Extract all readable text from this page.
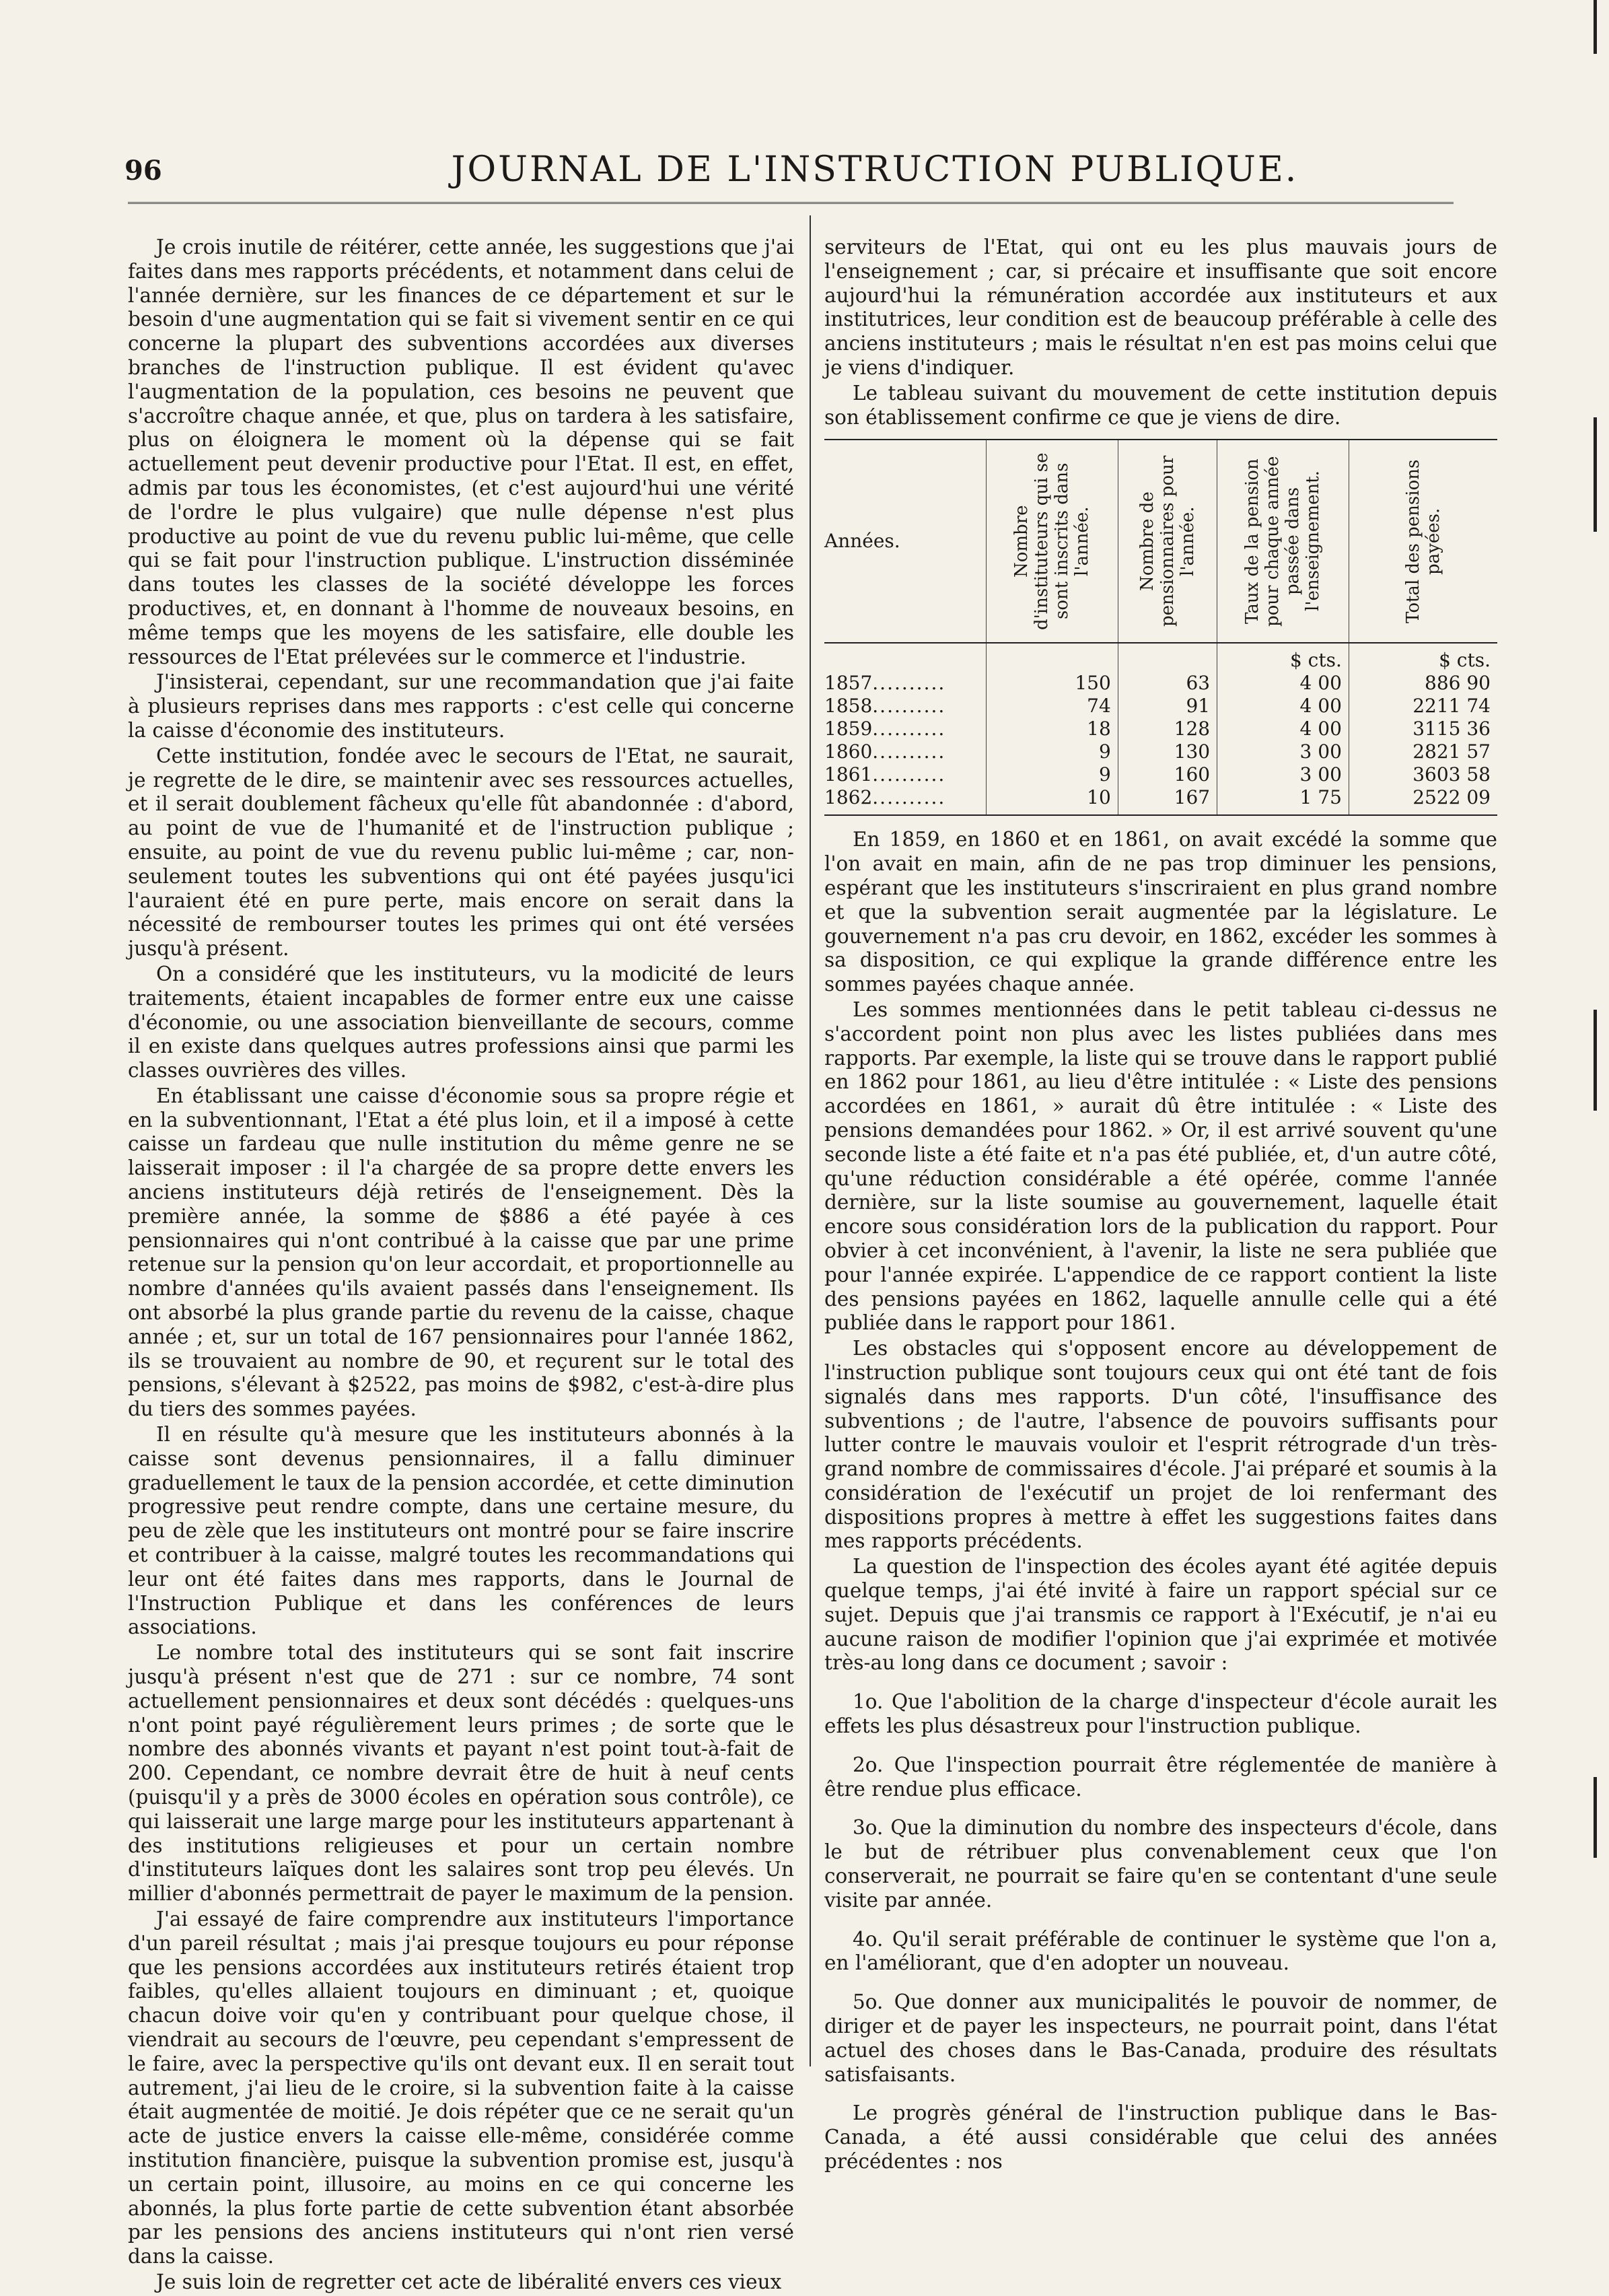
96	JOURNAL DE L'INSTRUCTION PUBLIQUE.

Je crois inutile de réitérer, cette année, les suggestions que j'ai faites dans mes rapports précédents, et notamment dans celui de l'année dernière, sur les finances de ce département et sur le besoin d'une augmentation qui se fait si vivement sentir en ce qui concerne la plupart des subventions accordées aux diverses branches de l'instruction publique. Il est évident qu'avec l'augmentation de la population, ces besoins ne peuvent que s'accroître chaque année, et que, plus on tardera à les satisfaire, plus on éloignera le moment où la dépense qui se fait actuellement peut devenir productive pour l'Etat. Il est, en effet, admis par tous les économistes, (et c'est aujourd'hui une vérité de l'ordre le plus vulgaire) que nulle dépense n'est plus productive au point de vue du revenu public lui-même, que celle qui se fait pour l'instruction publique. L'instruction disséminée dans toutes les classes de la société développe les forces productives, et, en donnant à l'homme de nouveaux besoins, en même temps que les moyens de les satisfaire, elle double les ressources de l'Etat prélevées sur le commerce et l'industrie.

J'insisterai, cependant, sur une recommandation que j'ai faite à plusieurs reprises dans mes rapports : c'est celle qui concerne la caisse d'économie des instituteurs.

Cette institution, fondée avec le secours de l'Etat, ne saurait, je regrette de le dire, se maintenir avec ses ressources actuelles, et il serait doublement fâcheux qu'elle fût abandonnée : d'abord, au point de vue de l'humanité et de l'instruction publique ; ensuite, au point de vue du revenu public lui-même ; car, non-seulement toutes les subventions qui ont été payées jusqu'ici l'auraient été en pure perte, mais encore on serait dans la nécessité de rembourser toutes les primes qui ont été versées jusqu'à présent.

On a considéré que les instituteurs, vu la modicité de leurs traitements, étaient incapables de former entre eux une caisse d'économie, ou une association bienveillante de secours, comme il en existe dans quelques autres professions ainsi que parmi les classes ouvrières des villes.

En établissant une caisse d'économie sous sa propre régie et en la subventionnant, l'Etat a été plus loin, et il a imposé à cette caisse un fardeau que nulle institution du même genre ne se laisserait imposer : il l'a chargée de sa propre dette envers les anciens instituteurs déjà retirés de l'enseignement. Dès la première année, la somme de $886 a été payée à ces pensionnaires qui n'ont contribué à la caisse que par une prime retenue sur la pension qu'on leur accordait, et proportionnelle au nombre d'années qu'ils avaient passés dans l'enseignement. Ils ont absorbé la plus grande partie du revenu de la caisse, chaque année ; et, sur un total de 167 pensionnaires pour l'année 1862, ils se trouvaient au nombre de 90, et reçurent sur le total des pensions, s'élevant à $2522, pas moins de $982, c'est-à-dire plus du tiers des sommes payées.

Il en résulte qu'à mesure que les instituteurs abonnés à la caisse sont devenus pensionnaires, il a fallu diminuer graduellement le taux de la pension accordée, et cette diminution progressive peut rendre compte, dans une certaine mesure, du peu de zèle que les instituteurs ont montré pour se faire inscrire et contribuer à la caisse, malgré toutes les recommandations qui leur ont été faites dans mes rapports, dans le Journal de l'Instruction Publique et dans les conférences de leurs associations.

Le nombre total des instituteurs qui se sont fait inscrire jusqu'à présent n'est que de 271 : sur ce nombre, 74 sont actuellement pensionnaires et deux sont décédés : quelques-uns n'ont point payé régulièrement leurs primes ; de sorte que le nombre des abonnés vivants et payant n'est point tout-à-fait de 200. Cependant, ce nombre devrait être de huit à neuf cents (puisqu'il y a près de 3000 écoles en opération sous contrôle), ce qui laisserait une large marge pour les instituteurs appartenant à des institutions religieuses et pour un certain nombre d'instituteurs laïques dont les salaires sont trop peu élevés. Un millier d'abonnés permettrait de payer le maximum de la pension.

J'ai essayé de faire comprendre aux instituteurs l'importance d'un pareil résultat ; mais j'ai presque toujours eu pour réponse que les pensions accordées aux instituteurs retirés étaient trop faibles, qu'elles allaient toujours en diminuant ; et, quoique chacun doive voir qu'en y contribuant pour quelque chose, il viendrait au secours de l'œuvre, peu cependant s'empressent de le faire, avec la perspective qu'ils ont devant eux. Il en serait tout autrement, j'ai lieu de le croire, si la subvention faite à la caisse était augmentée de moitié. Je dois répéter que ce ne serait qu'un acte de justice envers la caisse elle-même, considérée comme institution financière, puisque la subvention promise est, jusqu'à un certain point, illusoire, au moins en ce qui concerne les abonnés, la plus forte partie de cette subvention étant absorbée par les pensions des anciens instituteurs qui n'ont rien versé dans la caisse.

Je suis loin de regretter cet acte de libéralité envers ces vieux

serviteurs de l'Etat, qui ont eu les plus mauvais jours de l'enseignement ; car, si précaire et insuffisante que soit encore aujourd'hui la rémunération accordée aux instituteurs et aux institutrices, leur condition est de beaucoup préférable à celle des anciens instituteurs ; mais le résultat n'en est pas moins celui que je viens d'indiquer.

Le tableau suivant du mouvement de cette institution depuis son établissement confirme ce que je viens de dire.

Années.	Nombre d'instituteurs qui se sont inscrits dans l'année.	Nombre de pensionnaires pour l'année.	Taux de la pension pour chaque année passée dans l'enseignement.	Total des pensions payées.

			$ cts.	$ cts.
1857..........	150	63	4 00	886 90
1858..........	74	91	4 00	2211 74
1859..........	18	128	4 00	3115 36
1860..........	9	130	3 00	2821 57
1861..........	9	160	3 00	3603 58
1862..........	10	167	1 75	2522 09

En 1859, en 1860 et en 1861, on avait excédé la somme que l'on avait en main, afin de ne pas trop diminuer les pensions, espérant que les instituteurs s'inscriraient en plus grand nombre et que la subvention serait augmentée par la législature. Le gouvernement n'a pas cru devoir, en 1862, excéder les sommes à sa disposition, ce qui explique la grande différence entre les sommes payées chaque année.

Les sommes mentionnées dans le petit tableau ci-dessus ne s'accordent point non plus avec les listes publiées dans mes rapports. Par exemple, la liste qui se trouve dans le rapport publié en 1862 pour 1861, au lieu d'être intitulée : « Liste des pensions accordées en 1861, » aurait dû être intitulée : « Liste des pensions demandées pour 1862. » Or, il est arrivé souvent qu'une seconde liste a été faite et n'a pas été publiée, et, d'un autre côté, qu'une réduction considérable a été opérée, comme l'année dernière, sur la liste soumise au gouvernement, laquelle était encore sous considération lors de la publication du rapport. Pour obvier à cet inconvénient, à l'avenir, la liste ne sera publiée que pour l'année expirée. L'appendice de ce rapport contient la liste des pensions payées en 1862, laquelle annulle celle qui a été publiée dans le rapport pour 1861.

Les obstacles qui s'opposent encore au développement de l'instruction publique sont toujours ceux qui ont été tant de fois signalés dans mes rapports. D'un côté, l'insuffisance des subventions ; de l'autre, l'absence de pouvoirs suffisants pour lutter contre le mauvais vouloir et l'esprit rétrograde d'un très-grand nombre de commissaires d'école. J'ai préparé et soumis à la considération de l'exécutif un projet de loi renfermant des dispositions propres à mettre à effet les suggestions faites dans mes rapports précédents.

La question de l'inspection des écoles ayant été agitée depuis quelque temps, j'ai été invité à faire un rapport spécial sur ce sujet. Depuis que j'ai transmis ce rapport à l'Exécutif, je n'ai eu aucune raison de modifier l'opinion que j'ai exprimée et motivée très-au long dans ce document ; savoir :

1o. Que l'abolition de la charge d'inspecteur d'école aurait les effets les plus désastreux pour l'instruction publique.

2o. Que l'inspection pourrait être réglementée de manière à être rendue plus efficace.

3o. Que la diminution du nombre des inspecteurs d'école, dans le but de rétribuer plus convenablement ceux que l'on conserverait, ne pourrait se faire qu'en se contentant d'une seule visite par année.

4o. Qu'il serait préférable de continuer le système que l'on a, en l'améliorant, que d'en adopter un nouveau.

5o. Que donner aux municipalités le pouvoir de nommer, de diriger et de payer les inspecteurs, ne pourrait point, dans l'état actuel des choses dans le Bas-Canada, produire des résultats satisfaisants.

Le progrès général de l'instruction publique dans le Bas-Canada, a été aussi considérable que celui des années précédentes : nos
